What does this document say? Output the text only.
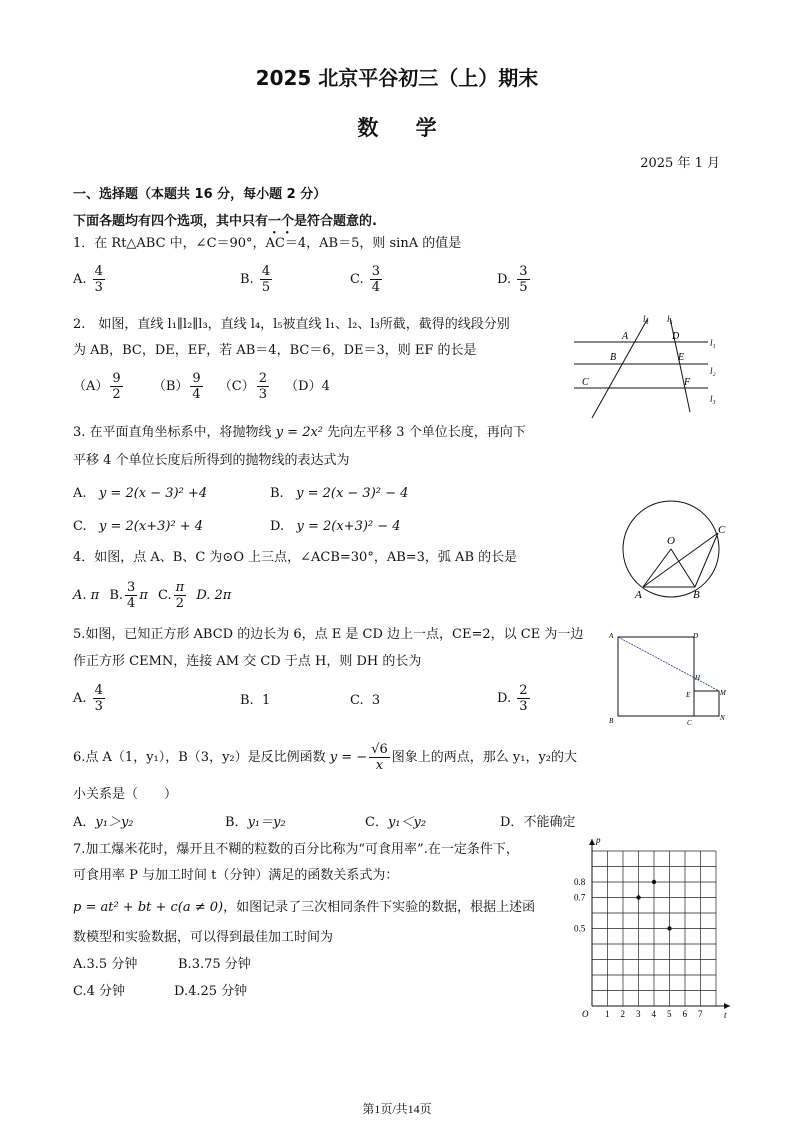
2025 北京平谷初三（上）期末
数 学
2025 年 1 月
一、选择题（本题共 16 分，每小题 2 分）
下面各题均有四个选项，其中只有一个是符合题意的.
1．在 Rt△ABC 中，∠C＝90°，AC＝4，AB＝5，则 sinA 的值是
A. $\frac{4}{3}$	B. $\frac{4}{5}$	C. $\frac{3}{4}$	D. $\frac{3}{5}$
2.　如图，直线 l₁∥l₂∥l₃，直线 l₄，l₅被直线 l₁、l₂、l₃所截，截得的线段分别
为 AB，BC，DE，EF，若 AB＝4，BC＝6，DE＝3，则 EF 的长是
$(A) \frac{9}{2} (B) \frac{9}{4} (C) \frac{2}{3} (D)4$
l₄ l₅
l₁
l₂
l₃
A
B
C
D
E
F
3. 在平面直角坐标系中，将抛物线 y = 2x² 先向左平移 3 个单位长度，再向下
平移 4 个单位长度后所得到的抛物线的表达式为
A. y = 2(x − 3)² +4	B. y = 2(x − 3)² − 4
C. y = 2(x+3)² + 4	D. y = 2(x+3)² − 4
4．如图，点 A、B、C 为⊙O 上三点，∠ACB=30°，AB=3，弧 AB 的长是
A. π B. $\frac{3}{4}$ π C. $\frac{\pi}{2} D$. 2π
O
A	B
C
5.如图，已知正方形 ABCD 的边长为 6，点 E 是 CD 边上一点，CE=2，以 CE 为一边
作正方形 CEMN，连接 AM 交 CD 于点 H，则 DH 的长为
A. $\frac{4}{3}$	B. 1	C. 3	D. $\frac{2}{3}$
A	D
H
E	M
B	C
N
6.点 A（1，y₁），B（3，y₂）是反比例函数 y = − $\frac{√6}{x}$ 图象上的两点，那么 y₁，y₂的大
小关系是（　　）
A．y₁＞y₂	B．y₁＝y₂	C．y₁＜y₂	D．不能确定
7.加工爆米花时，爆开且不糊的粒数的百分比称为“可食用率”.在一定条件下，
可食用率 P 与加工时间 t（分钟）满足的函数关系式为：
p = at² + bt + c(a ≠ 0)，如图记录了三次相同条件下实验的数据，根据上述函
数模型和实验数据，可以得到最佳加工时间为
A.3.5 分钟	B.3.75 分钟
C.4 分钟	D.4.25 分钟
p
t
O 1 2 3 4 5 6 7
0.5
0.7
0.8
第1页/共14页
